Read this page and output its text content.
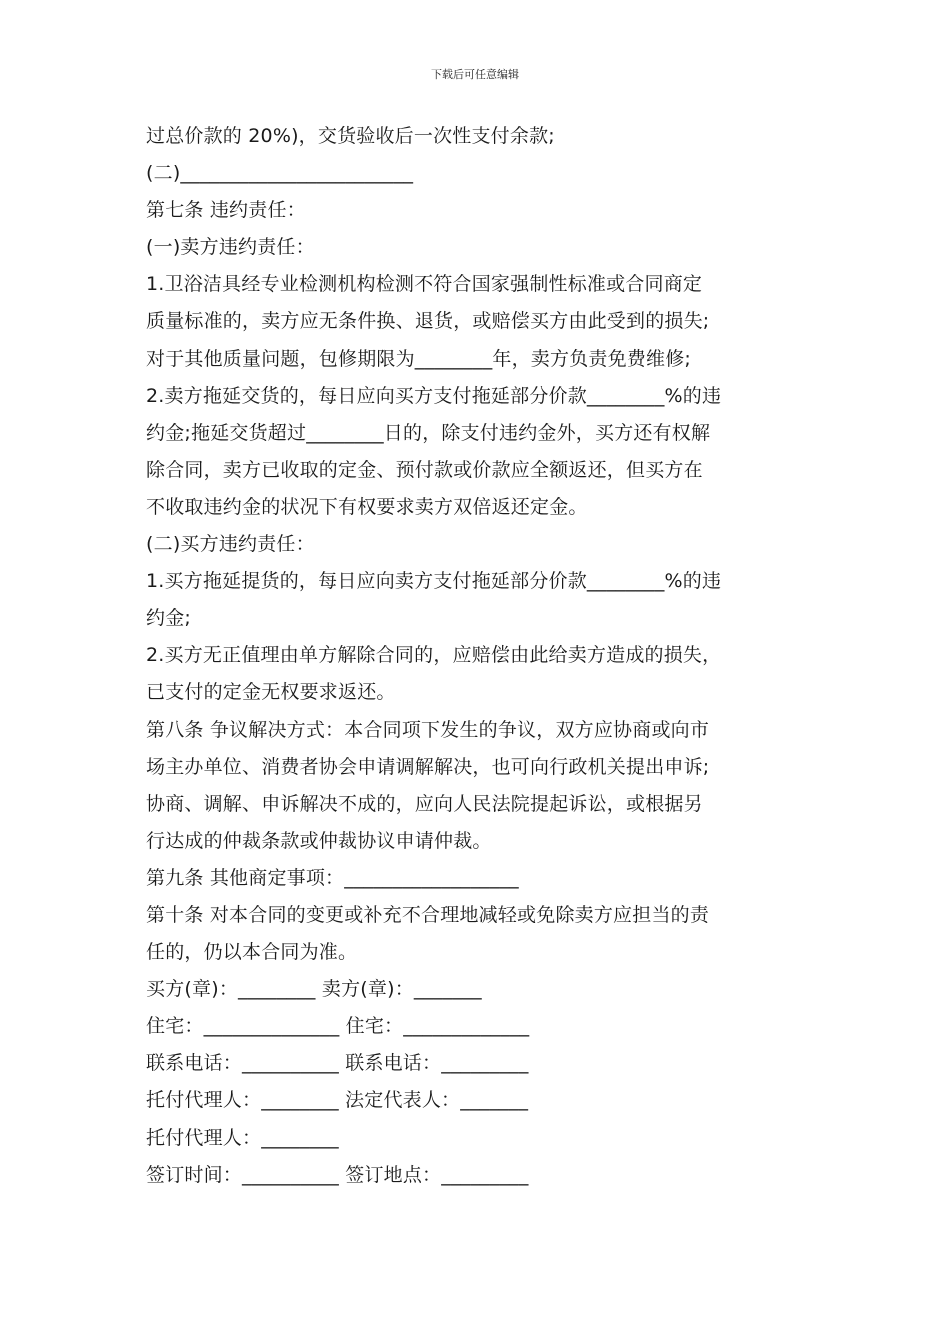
下载后可任意编辑
过总价款的 20%)，交货验收后一次性支付余款;
(二)________________________
第七条 违约责任：
(一)卖方违约责任：
1.卫浴洁具经专业检测机构检测不符合国家强制性标准或合同商定
质量标准的，卖方应无条件换、退货，或赔偿买方由此受到的损失;
对于其他质量问题，包修期限为________年，卖方负责免费维修;
2.卖方拖延交货的，每日应向买方支付拖延部分价款________%的违
约金;拖延交货超过________日的，除支付违约金外，买方还有权解
除合同，卖方已收取的定金、预付款或价款应全额返还，但买方在
不收取违约金的状况下有权要求卖方双倍返还定金。
(二)买方违约责任：
1.买方拖延提货的，每日应向卖方支付拖延部分价款________%的违
约金;
2.买方无正值理由单方解除合同的，应赔偿由此给卖方造成的损失，
已支付的定金无权要求返还。
第八条 争议解决方式：本合同项下发生的争议，双方应协商或向市
场主办单位、消费者协会申请调解解决，也可向行政机关提出申诉;
协商、调解、申诉解决不成的，应向人民法院提起诉讼，或根据另
行达成的仲裁条款或仲裁协议申请仲裁。
第九条 其他商定事项：__________________
第十条 对本合同的变更或补充不合理地减轻或免除卖方应担当的责
任的，仍以本合同为准。
买方(章)：________ 卖方(章)：_______
住宅：______________ 住宅：_____________
联系电话：__________ 联系电话：_________
托付代理人：________ 法定代表人：_______
托付代理人：________
签订时间：__________ 签订地点：_________
